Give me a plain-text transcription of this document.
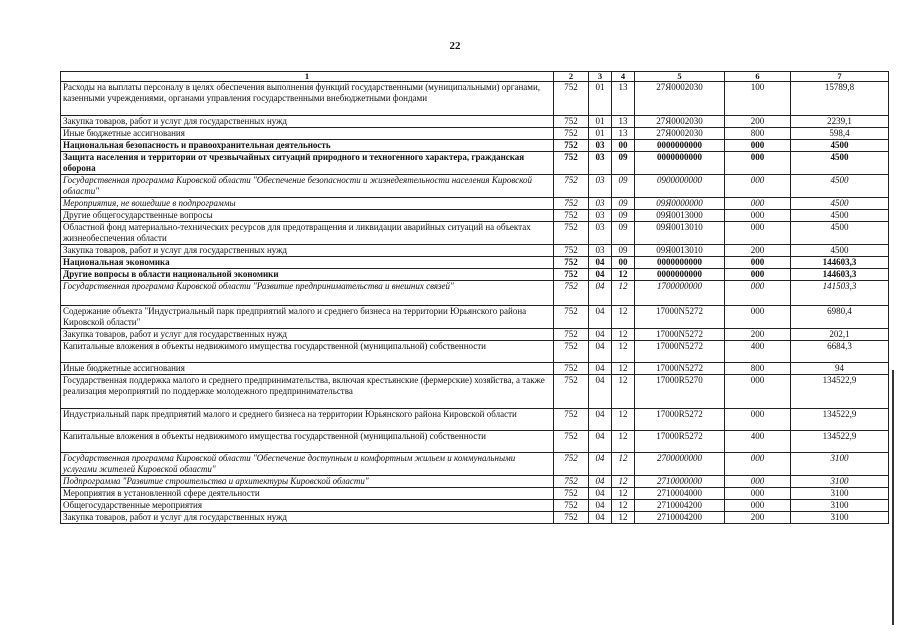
22
1	2	3	4	5	6	7
Расходы на выплаты персоналу в целях обеспечения выполнения функций государственными (муниципальными) органами, казенными учреждениями, органами управления государственными внебюджетными фондами	752	01	13	27Я0002030	100	15789,8
Закупка товаров, работ и услуг для государственных нужд	752	01	13	27Я0002030	200	2239,1
Иные бюджетные ассигнования	752	01	13	27Я0002030	800	598,4
Национальная безопасность и правоохранительная деятельность	752	03	00	0000000000	000	4500
Защита населения и территории от чрезвычайных ситуаций природного и техногенного характера, гражданская оборона	752	03	09	0000000000	000	4500
Государственная программа Кировской области "Обеспечение безопасности и жизнедеятельности населения Кировской области"	752	03	09	0900000000	000	4500
Мероприятия, не вошедшие в подпрограммы	752	03	09	09Я0000000	000	4500
Другие общегосударственные вопросы	752	03	09	09Я0013000	000	4500
Областной фонд материально-технических ресурсов для предотвращения и ликвидации аварийных ситуаций на объектах жизнеобеспечения области	752	03	09	09Я0013010	000	4500
Закупка товаров, работ и услуг для государственных нужд	752	03	09	09Я0013010	200	4500
Национальная экономика	752	04	00	0000000000	000	144603,3
Другие вопросы в области национальной экономики	752	04	12	0000000000	000	144603,3
Государственная программа Кировской области "Развитие предпринимательства и внешних связей"	752	04	12	1700000000	000	141503,3
Содержание объекта "Индустриальный парк предприятий малого и среднего бизнеса на территории Юрьянского района Кировской области"	752	04	12	17000N5272	000	6980,4
Закупка товаров, работ и услуг для государственных нужд	752	04	12	17000N5272	200	202,1
Капитальные вложения в объекты недвижимого имущества государственной (муниципальной) собственности	752	04	12	17000N5272	400	6684,3
Иные бюджетные ассигнования	752	04	12	17000N5272	800	94
Государственная поддержка малого и среднего предпринимательства, включая крестьянские (фермерские) хозяйства, а также реализация мероприятий по поддержке молодежного предпринимательства	752	04	12	17000R5270	000	134522,9
Индустриальный парк предприятий малого и среднего бизнеса на территории Юрьянского района Кировской области	752	04	12	17000R5272	000	134522,9
Капитальные вложения в объекты недвижимого имущества государственной (муниципальной) собственности	752	04	12	17000R5272	400	134522,9
Государственная программа Кировской области "Обеспечение доступным и комфортным жильем и коммунальными услугами жителей Кировской области"	752	04	12	2700000000	000	3100
Подпрограмма "Развитие строительства и архитектуры Кировской области"	752	04	12	2710000000	000	3100
Мероприятия в установленной сфере деятельности	752	04	12	2710004000	000	3100
Общегосударственные мероприятия	752	04	12	2710004200	000	3100
Закупка товаров, работ и услуг для государственных нужд	752	04	12	2710004200	200	3100
